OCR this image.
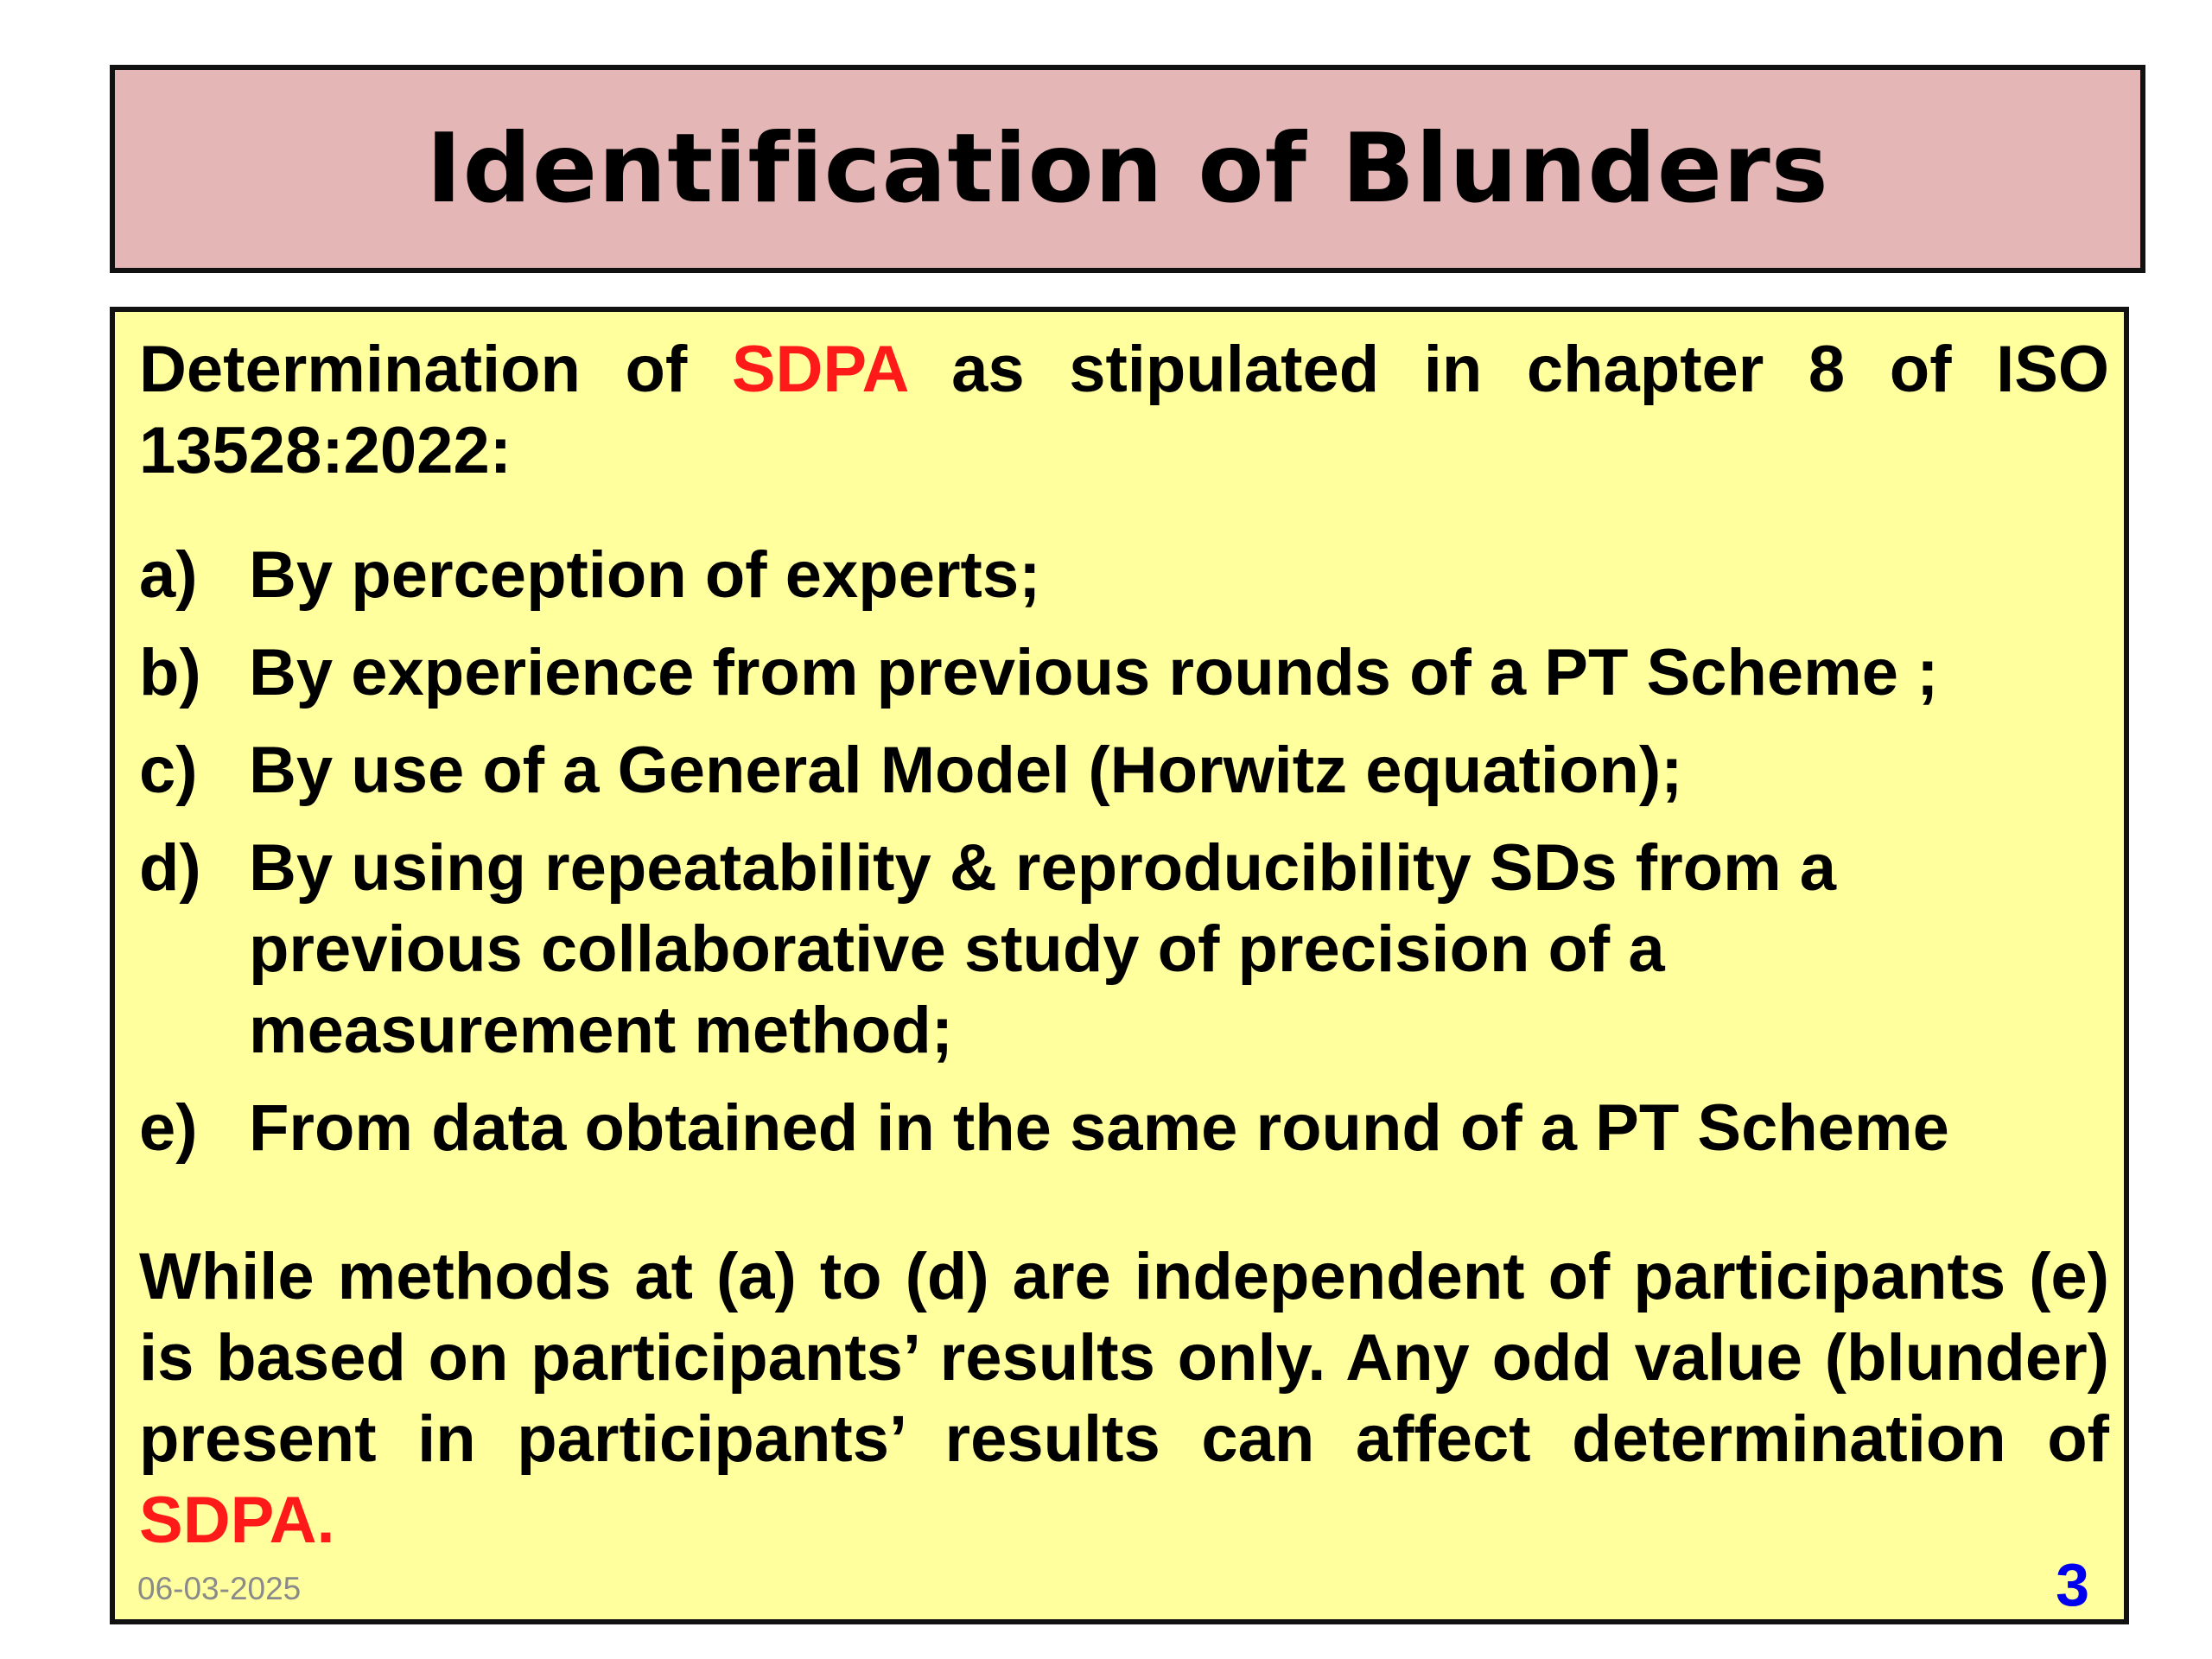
Identification of Blunders

Determination of SDPA as stipulated in chapter 8 of ISO 13528:2022:

a) By perception of experts;
b) By experience from previous rounds of a PT Scheme ;
c) By use of a General Model (Horwitz equation);
d) By using repeatability & reproducibility SDs from a previous collaborative study of precision of a measurement method;
e) From data obtained in the same round of a PT Scheme

While methods at (a) to (d) are independent of participants (e) is based on participants’ results only. Any odd value (blunder) present in participants’ results can affect determination of SDPA.

06-03-2025	3
